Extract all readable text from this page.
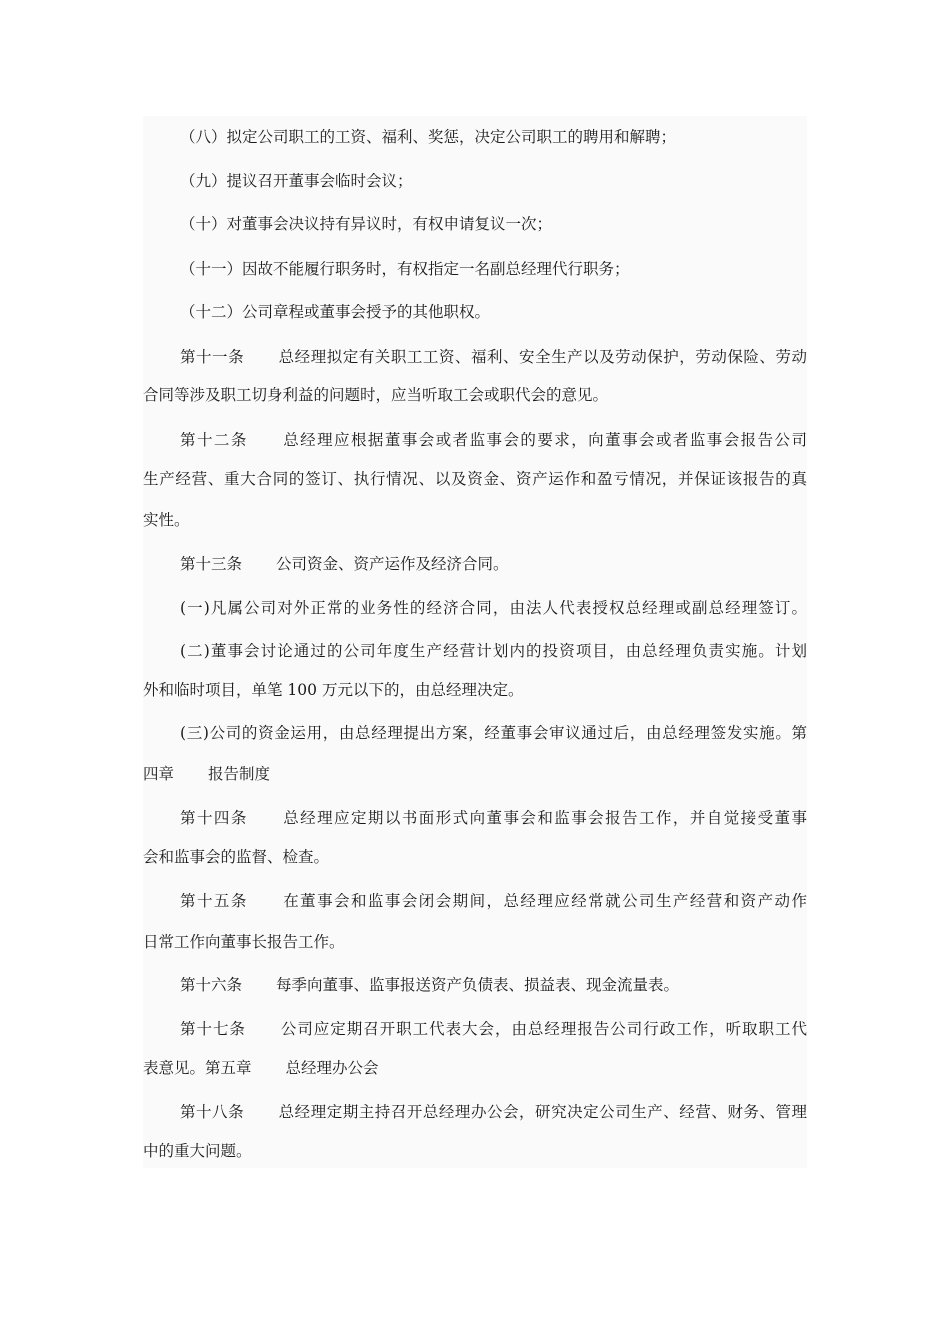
（八）拟定公司职工的工资、福利、奖惩，决定公司职工的聘用和解聘；
（九）提议召开董事会临时会议；
（十）对董事会决议持有异议时，有权申请复议一次；
（十一）因故不能履行职务时，有权指定一名副总经理代行职务；
（十二）公司章程或董事会授予的其他职权。
第十一条 总经理拟定有关职工工资、福利、安全生产以及劳动保护，劳动保险、劳动
合同等涉及职工切身利益的问题时，应当听取工会或职代会的意见。
第十二条 总经理应根据董事会或者监事会的要求，向董事会或者监事会报告公司
生产经营、重大合同的签订、执行情况、以及资金、资产运作和盈亏情况，并保证该报告的真
实性。
第十三条 公司资金、资产运作及经济合同。
(一)凡属公司对外正常的业务性的经济合同，由法人代表授权总经理或副总经理签订。
(二)董事会讨论通过的公司年度生产经营计划内的投资项目，由总经理负责实施。计划
外和临时项目，单笔 100 万元以下的，由总经理决定。
(三)公司的资金运用，由总经理提出方案，经董事会审议通过后，由总经理签发实施。第
四章 报告制度
第十四条 总经理应定期以书面形式向董事会和监事会报告工作，并自觉接受董事
会和监事会的监督、检查。
第十五条 在董事会和监事会闭会期间，总经理应经常就公司生产经营和资产动作
日常工作向董事长报告工作。
第十六条 每季向董事、监事报送资产负债表、损益表、现金流量表。
第十七条 公司应定期召开职工代表大会，由总经理报告公司行政工作，听取职工代
表意见。第五章 总经理办公会
第十八条 总经理定期主持召开总经理办公会，研究决定公司生产、经营、财务、管理
中的重大问题。
